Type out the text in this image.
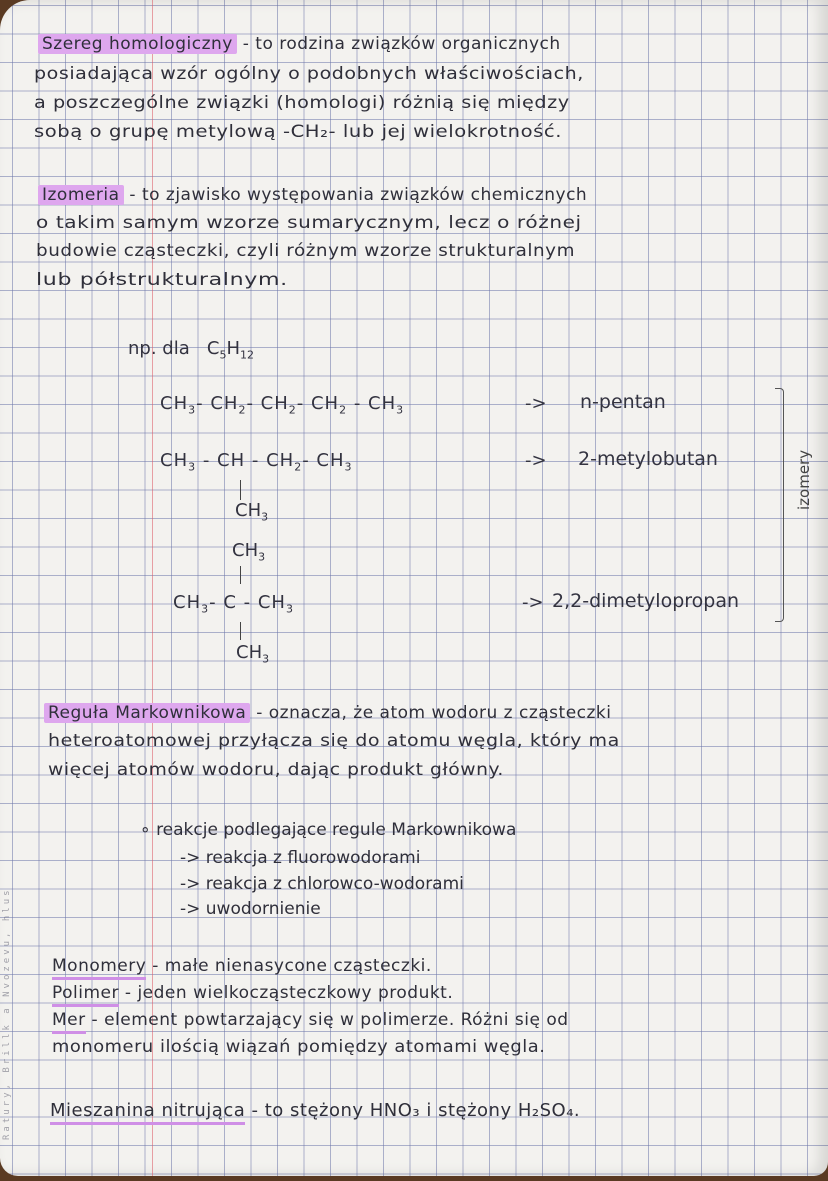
Ratury, Brillk a Nvozevu, hlus
Szereg homologiczny - to rodzina związków organicznych
posiadająca wzór ogólny o podobnych właściwościach,
a poszczególne związki (homologi) różnią się między
sobą o grupę metylową -CH₂- lub jej wielokrotność.
Izomeria - to zjawisko występowania związków chemicznych
o takim samym wzorze sumarycznym, lecz o różnej
budowie cząsteczki, czyli różnym wzorze strukturalnym
lub półstrukturalnym.
np. dla   $C_5H_{12}$
$CH_3-$ $CH_2-$ $CH_2-$ $CH_2 - CH_3$	-> n-pentan
$CH_3$ - CH - $CH_2-$ $CH_3$
$CH_3$
-> 2-metylobutan
$CH_3$
$CH_3-$ C - $CH_3$
$CH_3$
-> 2,2-dimetylopropan
izomery
Reguła Markownikowa - oznacza, że atom wodoru z cząsteczki
heteroatomowej przyłącza się do atomu węgla, który ma
więcej atomów wodoru, dając produkt główny.
∘ reakcje podlegające regule Markownikowa
-> reakcja z fluorowodorami
-> reakcja z chlorowco-wodorami
-> uwodornienie
Monomery - małe nienasycone cząsteczki.
Polimer - jeden wielkocząsteczkowy produkt.
Mer - element powtarzający się w polimerze. Różni się od
monomeru ilością wiązań pomiędzy atomami węgla.
Mieszanina nitrująca - to stężony HNO₃ i stężony H₂SO₄.
